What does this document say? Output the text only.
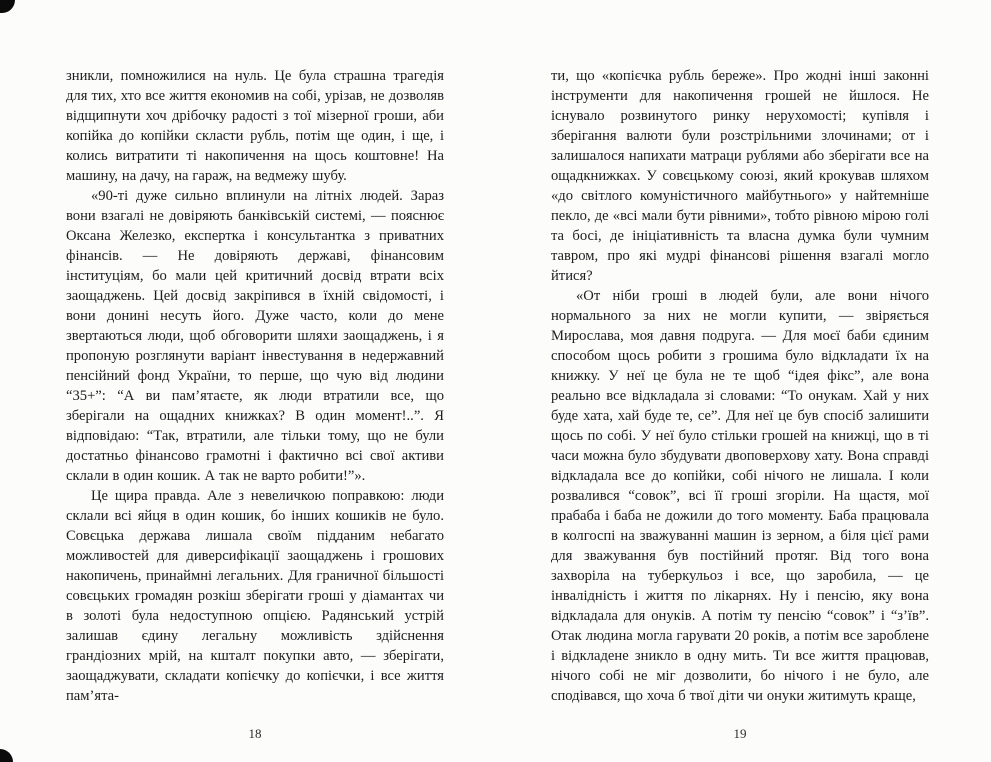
зникли, помножилися на нуль. Це була страшна трагедія для тих, хто все життя економив на собі, урізав, не дозволяв відщипнути хоч дрібочку радості з тої мізерної гроши, аби копійка до копійки скласти рубль, потім ще один, і ще, і колись витратити ті накопичення на щось коштовне! На машину, на дачу, на гараж, на ведмежу шубу.

«90-ті дуже сильно вплинули на літніх людей. Зараз вони взагалі не довіряють банківській системі, — пояснює Оксана Железко, експертка і консультантка з приватних фінансів. — Не довіряють державі, фінансовим інституціям, бо мали цей критичний досвід втрати всіх заощаджень. Цей досвід закріпився в їхній свідомості, і вони донині несуть його. Дуже часто, коли до мене звертаються люди, щоб обговорити шляхи заощаджень, і я пропоную розглянути варіант інвестування в недержавний пенсійний фонд України, то перше, що чую від людини “35+”: “А ви пам’ятаєте, як люди втратили все, що зберігали на ощадних книжках? В один момент!..”. Я відповідаю: “Так, втратили, але тільки тому, що не були достатньо фінансово грамотні і фактично всі свої активи склали в один кошик. А так не варто робити!”».

Це щира правда. Але з невеличкою поправкою: люди склали всі яйця в один кошик, бо інших кошиків не було. Совєцька держава лишала своїм підданим небагато можливостей для диверсифікації заощаджень і грошових накопичень, принаймні легальних. Для граничної більшості совєцьких громадян розкіш зберігати гроші у діамантах чи в золоті була недоступною опцією. Радянський устрій залишав єдину легальну можливість здійснення грандіозних мрій, на кшталт покупки авто, — зберігати, заощаджувати, складати копієчку до копієчки, і все життя пам’ята-

ти, що «копієчка рубль береже». Про жодні інші законні інструменти для накопичення грошей не йшлося. Не існувало розвинутого ринку нерухомості; купівля і зберігання валюти були розстрільними злочинами; от і залишалося напихати матраци рублями або зберігати все на ощадкнижках. У совєцькому союзі, який крокував шляхом «до світлого комуністичного майбутнього» у найтемніше пекло, де «всі мали бути рівними», тобто рівною мірою голі та босі, де ініціативність та власна думка були чумним тавром, про які мудрі фінансові рішення взагалі могло йтися?

«От ніби гроші в людей були, але вони нічого нормального за них не могли купити, — звіряється Мирослава, моя давня подруга. — Для моєї баби єдиним способом щось робити з грошима було відкладати їх на книжку. У неї це була не те щоб “ідея фікс”, але вона реально все відкладала зі словами: “То онукам. Хай у них буде хата, хай буде те, се”. Для неї це був спосіб залишити щось по собі. У неї було стільки грошей на книжці, що в ті часи можна було збудувати двоповерхову хату. Вона справді відкладала все до копійки, собі нічого не лишала. І коли розвалився “совок”, всі її гроші згоріли. На щастя, мої прабаба і баба не дожили до того моменту. Баба працювала в колгоспі на зважуванні машин із зерном, а біля цієї рами для зважування був постійний протяг. Від того вона захворіла на туберкульоз і все, що заробила, — це інвалідність і життя по лікарнях. Ну і пенсію, яку вона відкладала для онуків. А потім ту пенсію “совок” і “з’їв”. Отак людина могла гарувати 20 років, а потім все зароблене і відкладене зникло в одну мить. Ти все життя працював, нічого собі не міг дозволити, бо нічого і не було, але сподівався, що хоча б твої діти чи онуки житимуть краще,

18	19
